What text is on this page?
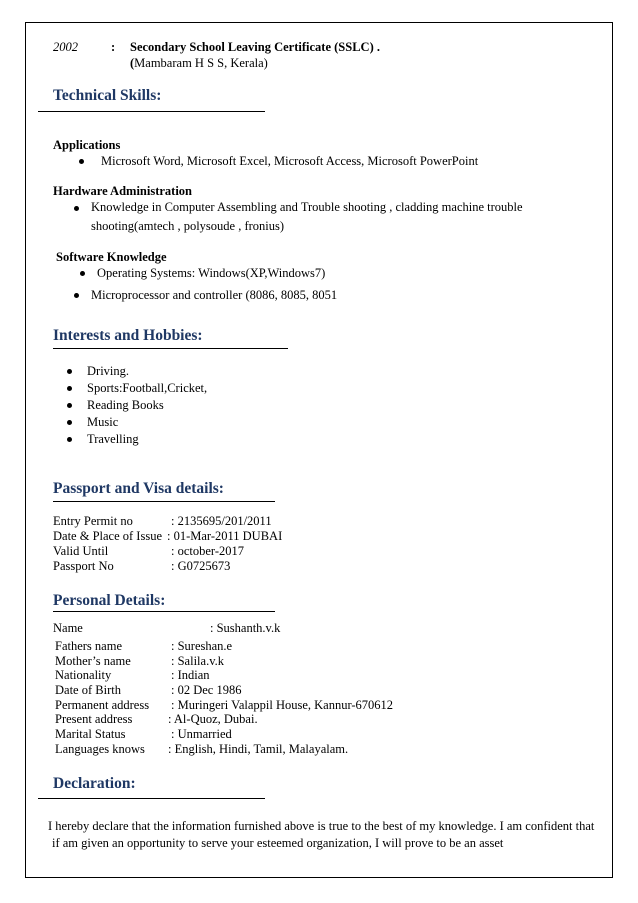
2002	: Secondary School Leaving Certificate (SSLC) .
(Mambaram H S S, Kerala)
Technical Skills:
Applications
Microsoft Word, Microsoft Excel, Microsoft Access, Microsoft PowerPoint
Hardware Administration
Knowledge in Computer Assembling and Trouble shooting , cladding machine trouble
shooting(amtech , polysoude , fronius)
Software Knowledge
Operating Systems: Windows(XP,Windows7)
Microprocessor and controller (8086, 8085, 8051
Interests and Hobbies:
Driving.
Sports:Football,Cricket,
Reading Books
Music
Travelling
Passport and Visa details:
Entry Permit no	: 2135695/201/2011
Date & Place of Issue : 01-Mar-2011 DUBAI
Valid Until	: october-2017
Passport No	: G0725673
Personal Details:
Name	: Sushanth.v.k
Fathers name	: Sureshan.e
Mother’s name	: Salila.v.k
Nationality	: Indian
Date of Birth	: 02 Dec 1986
Permanent address : Muringeri Valappil House, Kannur-670612
Present address	: Al-Quoz, Dubai.
Marital Status	: Unmarried
Languages knows : English, Hindi, Tamil, Malayalam.
Declaration:
I hereby declare that the information furnished above is true to the best of my knowledge. I am confident that
if am given an opportunity to serve your esteemed organization, I will prove to be an asset
